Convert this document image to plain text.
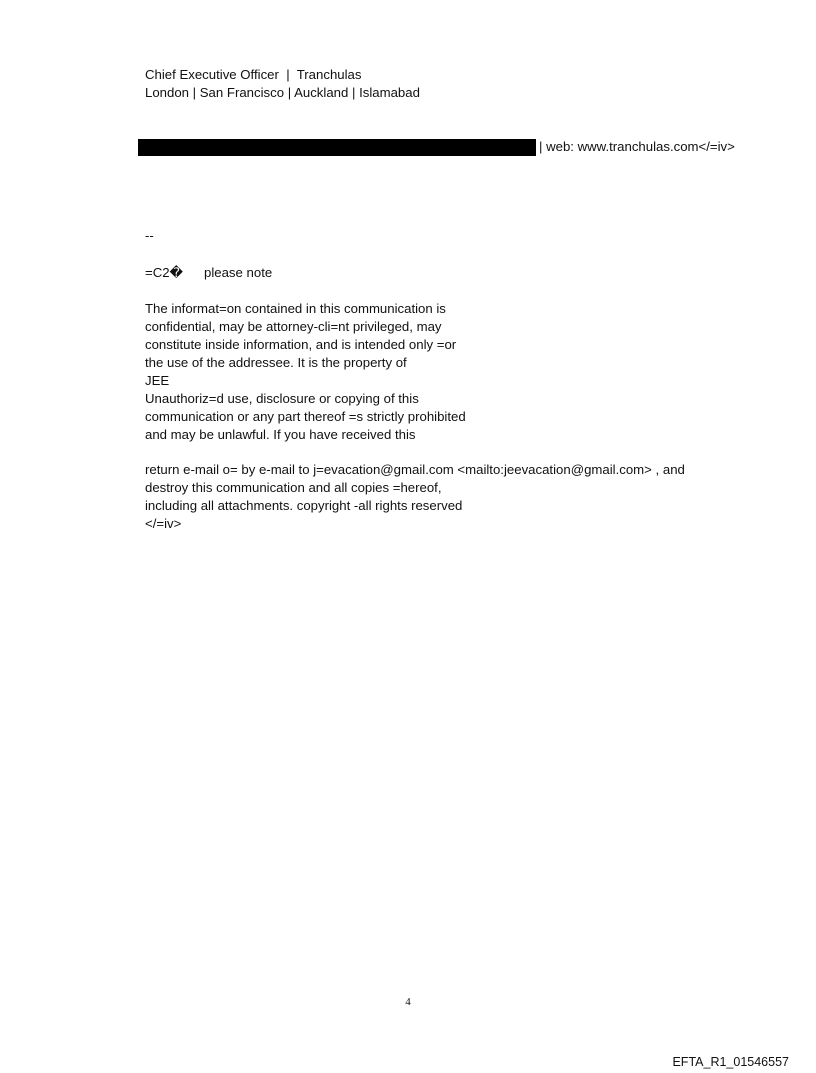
Chief Executive Officer  |  Tranchulas
London | San Francisco | Auckland | Islamabad
| web: www.tranchulas.com</=iv>
--
=C2� please note
The informat=on contained in this communication is
confidential, may be attorney-cli=nt privileged, may
constitute inside information, and is intended only =or
the use of the addressee. It is the property of
JEE
Unauthoriz=d use, disclosure or copying of this
communication or any part thereof =s strictly prohibited
and may be unlawful. If you have received this
return e-mail o= by e-mail to j=evacation@gmail.com <mailto:jeevacation@gmail.com> , and
destroy this communication and all copies =hereof,
including all attachments. copyright -all rights reserved
</=iv>
4
EFTA_R1_01546557
